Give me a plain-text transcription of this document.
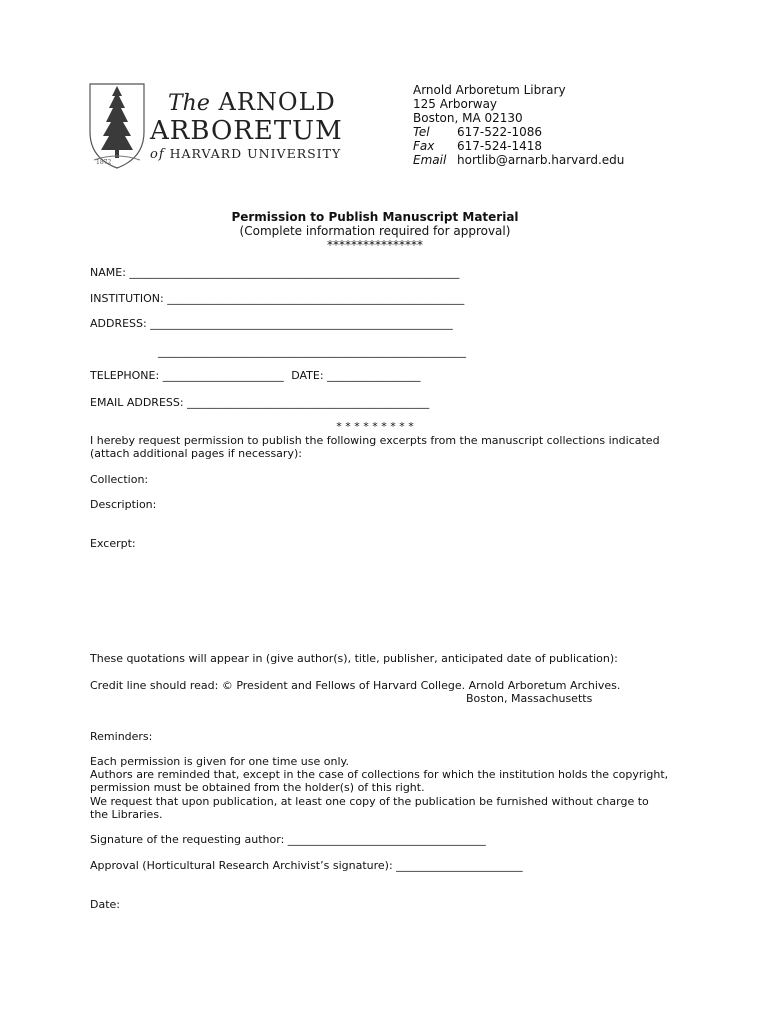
1872
The ARNOLD
ARBORETUM
of HARVARD UNIVERSITY
Arnold Arboretum Library
125 Arborway
Boston, MA 02130
Tel 617-522-1086
Fax 617-524-1418
Email hortlib@arnarb.harvard.edu
Permission to Publish Manuscript Material
(Complete information required for approval)
****************
NAME: ____________________________________________________________
INSTITUTION: ______________________________________________________
ADDRESS: _______________________________________________________
________________________________________________________
TELEPHONE: ______________________ DATE: _________________
EMAIL ADDRESS: ____________________________________________
* * * * * * * * *
I hereby request permission to publish the following excerpts from the manuscript collections indicated (attach additional pages if necessary):
Collection:
Description:
Excerpt:
These quotations will appear in (give author(s), title, publisher, anticipated date of publication):
Credit line should read: © President and Fellows of Harvard College. Arnold Arboretum Archives.
Boston, Massachusetts
Reminders:
Each permission is given for one time use only.
Authors are reminded that, except in the case of collections for which the institution holds the copyright, permission must be obtained from the holder(s) of this right.
We request that upon publication, at least one copy of the publication be furnished without charge to the Libraries.
Signature of the requesting author: ____________________________________
Approval (Horticultural Research Archivist’s signature): _______________________
Date:
